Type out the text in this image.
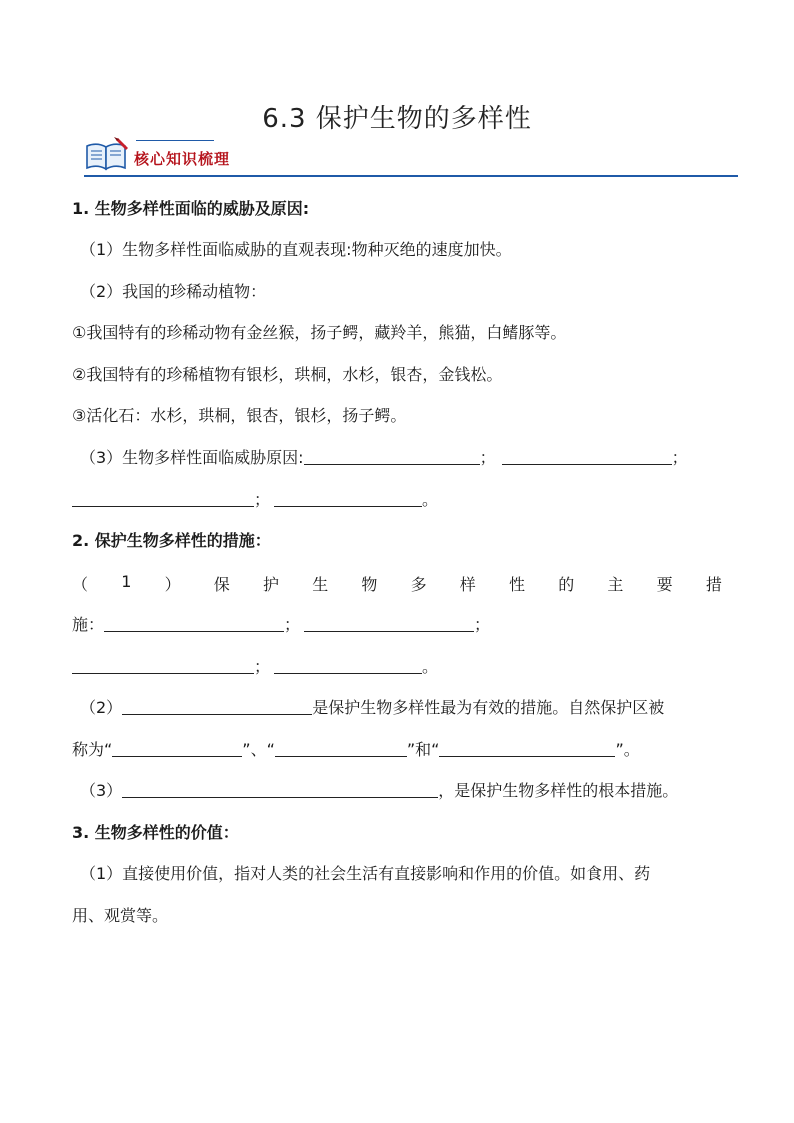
6.3 保护生物的多样性
核心知识梳理
1. 生物多样性面临的威胁及原因:
（1）生物多样性面临威胁的直观表现:物种灭绝的速度加快。
（2）我国的珍稀动植物：
①我国特有的珍稀动物有金丝猴，扬子鳄，藏羚羊，熊猫，白鳍豚等。
②我国特有的珍稀植物有银杉，珙桐，水杉，银杏，金钱松。
③活化石：水杉，珙桐，银杏，银杉，扬子鳄。
（3）生物多样性面临威胁原因:	；	；
；	。
2. 保护生物多样性的措施：
（ 1 ） 保 护 生 物 多 样 性 的 主 要 措
施：	；	；
；	。
（2）	是保护生物多样性最为有效的措施。自然保护区被
称为“	”、“	”和“	”。
（3）	，是保护生物多样性的根本措施。
3. 生物多样性的价值：
（1）直接使用价值，指对人类的社会生活有直接影响和作用的价值。如食用、药
用、观赏等。
